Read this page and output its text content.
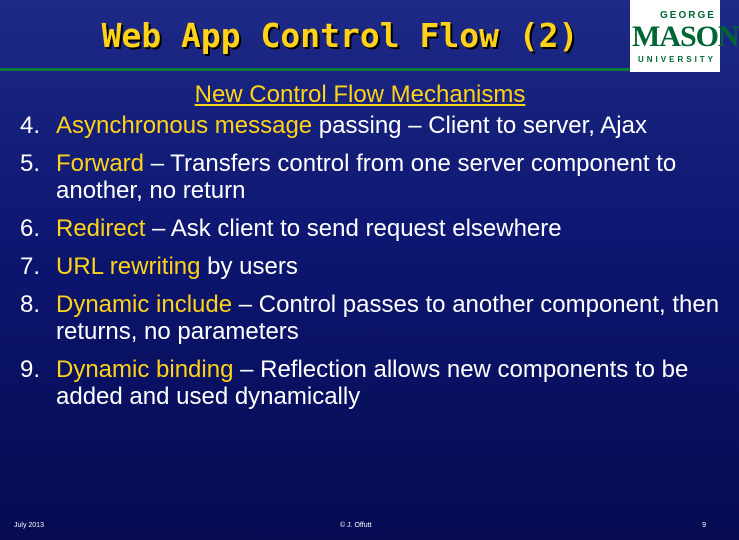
Web App Control Flow (2)
GEORGE
MASON
UNIVERSITY
New Control Flow Mechanisms
4. Asynchronous message passing – Client to server, Ajax
5. Forward – Transfers control from one server component to another, no return
6. Redirect – Ask client to send request elsewhere
7. URL rewriting by users
8. Dynamic include – Control passes to another component, then returns, no parameters
9. Dynamic binding – Reflection allows new components to be added and used dynamically
July 2013	© J. Offutt	9
